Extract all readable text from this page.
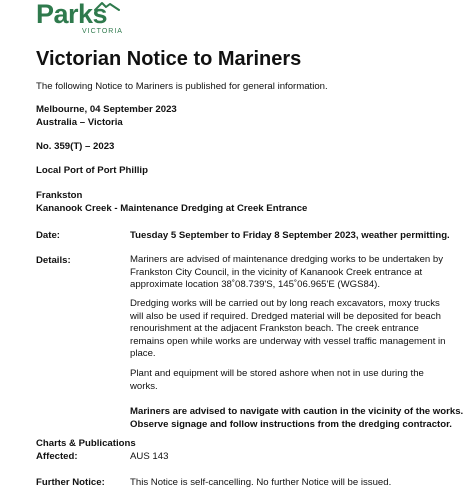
Parks
VICTORIA
Victorian Notice to Mariners
The following Notice to Mariners is published for general information.
Melbourne, 04 September 2023
Australia – Victoria
No. 359(T) – 2023
Local Port of Port Phillip
Frankston
Kananook Creek - Maintenance Dredging at Creek Entrance
Date:	Tuesday 5 September to Friday 8 September 2023, weather permitting.
Details:	Mariners are advised of maintenance dredging works to be undertaken by
Frankston City Council, in the vicinity of Kananook Creek entrance at
approximate location 38˚08.739'S, 145˚06.965'E (WGS84).
Dredging works will be carried out by long reach excavators, moxy trucks
will also be used if required. Dredged material will be deposited for beach
renourishment at the adjacent Frankston beach. The creek entrance
remains open while works are underway with vessel traffic management in
place.
Plant and equipment will be stored ashore when not in use during the
works.
Mariners are advised to navigate with caution in the vicinity of the works.
Observe signage and follow instructions from the dredging contractor.
Charts & Publications
Affected:	AUS 143
Further Notice:	This Notice is self-cancelling. No further Notice will be issued.
